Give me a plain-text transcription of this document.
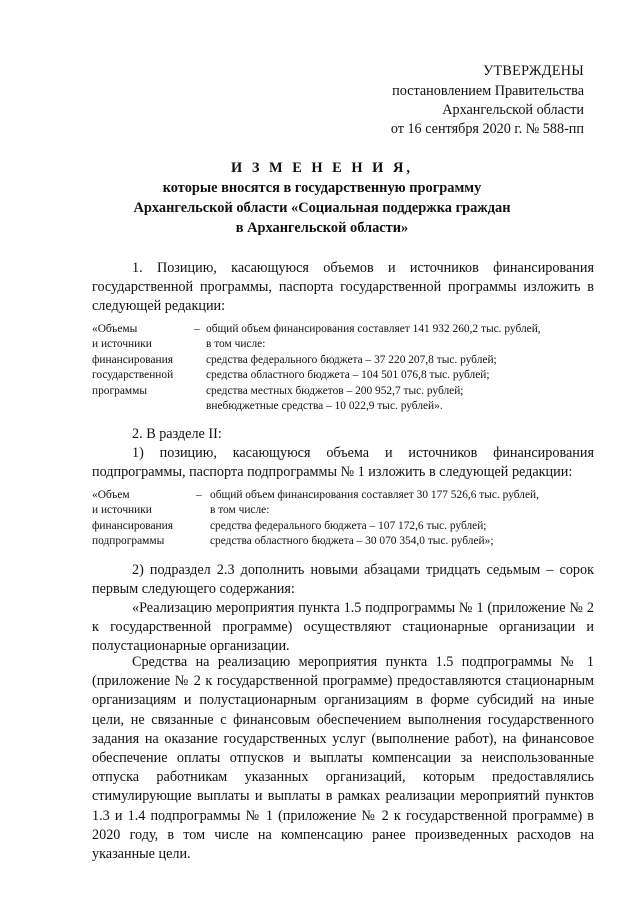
УТВЕРЖДЕНЫ
постановлением Правительства
Архангельской области
от 16 сентября 2020 г. № 588-пп
И З М Е Н Е Н И Я,
которые вносятся в государственную программу
Архангельской области «Социальная поддержка граждан
в Архангельской области»
1. Позицию, касающуюся объемов и источников финансирования государственной программы, паспорта государственной программы изложить в следующей редакции:
«Объемы
и источники
финансирования
государственной
программы
– общий объем финансирования составляет 141 932 260,2 тыс. рублей,
в том числе:
средства федерального бюджета – 37 220 207,8 тыс. рублей;
средства областного бюджета – 104 501 076,8 тыс. рублей;
средства местных бюджетов – 200 952,7 тыс. рублей;
внебюджетные средства – 10 022,9 тыс. рублей».
2. В разделе II:
1) позицию, касающуюся объема и источников финансирования подпрограммы, паспорта подпрограммы № 1 изложить в следующей редакции:
«Объем
и источники
финансирования
подпрограммы
– общий объем финансирования составляет 30 177 526,6 тыс. рублей,
в том числе:
средства федерального бюджета – 107 172,6 тыс. рублей;
средства областного бюджета – 30 070 354,0 тыс. рублей»;
2) подраздел 2.3 дополнить новыми абзацами тридцать седьмым – сорок первым следующего содержания:
«Реализацию мероприятия пункта 1.5 подпрограммы № 1 (приложение № 2 к государственной программе) осуществляют стационарные организации и полустационарные организации.
Средства на реализацию мероприятия пункта 1.5 подпрограммы № 1 (приложение № 2 к государственной программе) предоставляются стационарным организациям и полустационарным организациям в форме субсидий на иные цели, не связанные с финансовым обеспечением выполнения государственного задания на оказание государственных услуг (выполнение работ), на финансовое обеспечение оплаты отпусков и выплаты компенсации за неиспользованные отпуска работникам указанных организаций, которым предоставлялись стимулирующие выплаты и выплаты в рамках реализации мероприятий пунктов 1.3 и 1.4 подпрограммы № 1 (приложение № 2 к государственной программе) в 2020 году, в том числе на компенсацию ранее произведенных расходов на указанные цели.
